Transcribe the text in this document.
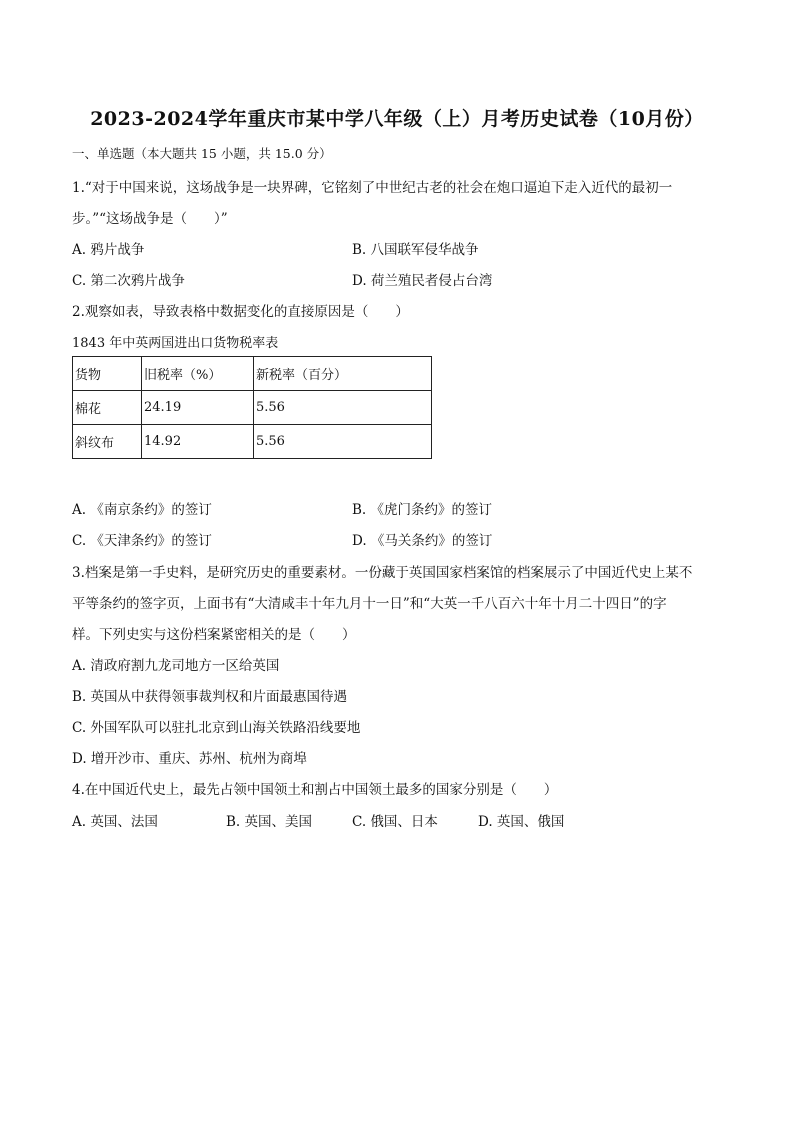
2023-2024学年重庆市某中学八年级（上）月考历史试卷（10月份）
一、单选题（本大题共 15 小题，共 15.0 分）
1.“对于中国来说，这场战争是一块界碑，它铭刻了中世纪古老的社会在炮口逼迫下走入近代的最初一
步。”“这场战争是（　　）”
A. 鸦片战争	B. 八国联军侵华战争
C. 第二次鸦片战争	D. 荷兰殖民者侵占台湾
2.观察如表，导致表格中数据变化的直接原因是（　　）
1843 年中英两国进出口货物税率表
货物	旧税率（%）	新税率（百分）
棉花	24.19	5.56
斜纹布	14.92	5.56
A. 《南京条约》的签订	B. 《虎门条约》的签订
C. 《天津条约》的签订	D. 《马关条约》的签订
3.档案是第一手史料，是研究历史的重要素材。一份藏于英国国家档案馆的档案展示了中国近代史上某不
平等条约的签字页，上面书有“大清咸丰十年九月十一日”和“大英一千八百六十年十月二十四日”的字
样。下列史实与这份档案紧密相关的是（　　）
A. 清政府割九龙司地方一区给英国
B. 英国从中获得领事裁判权和片面最惠国待遇
C. 外国军队可以驻扎北京到山海关铁路沿线要地
D. 增开沙市、重庆、苏州、杭州为商埠
4.在中国近代史上，最先占领中国领土和割占中国领土最多的国家分别是（　　）
A. 英国、法国	B. 英国、美国	C. 俄国、日本	D. 英国、俄国
